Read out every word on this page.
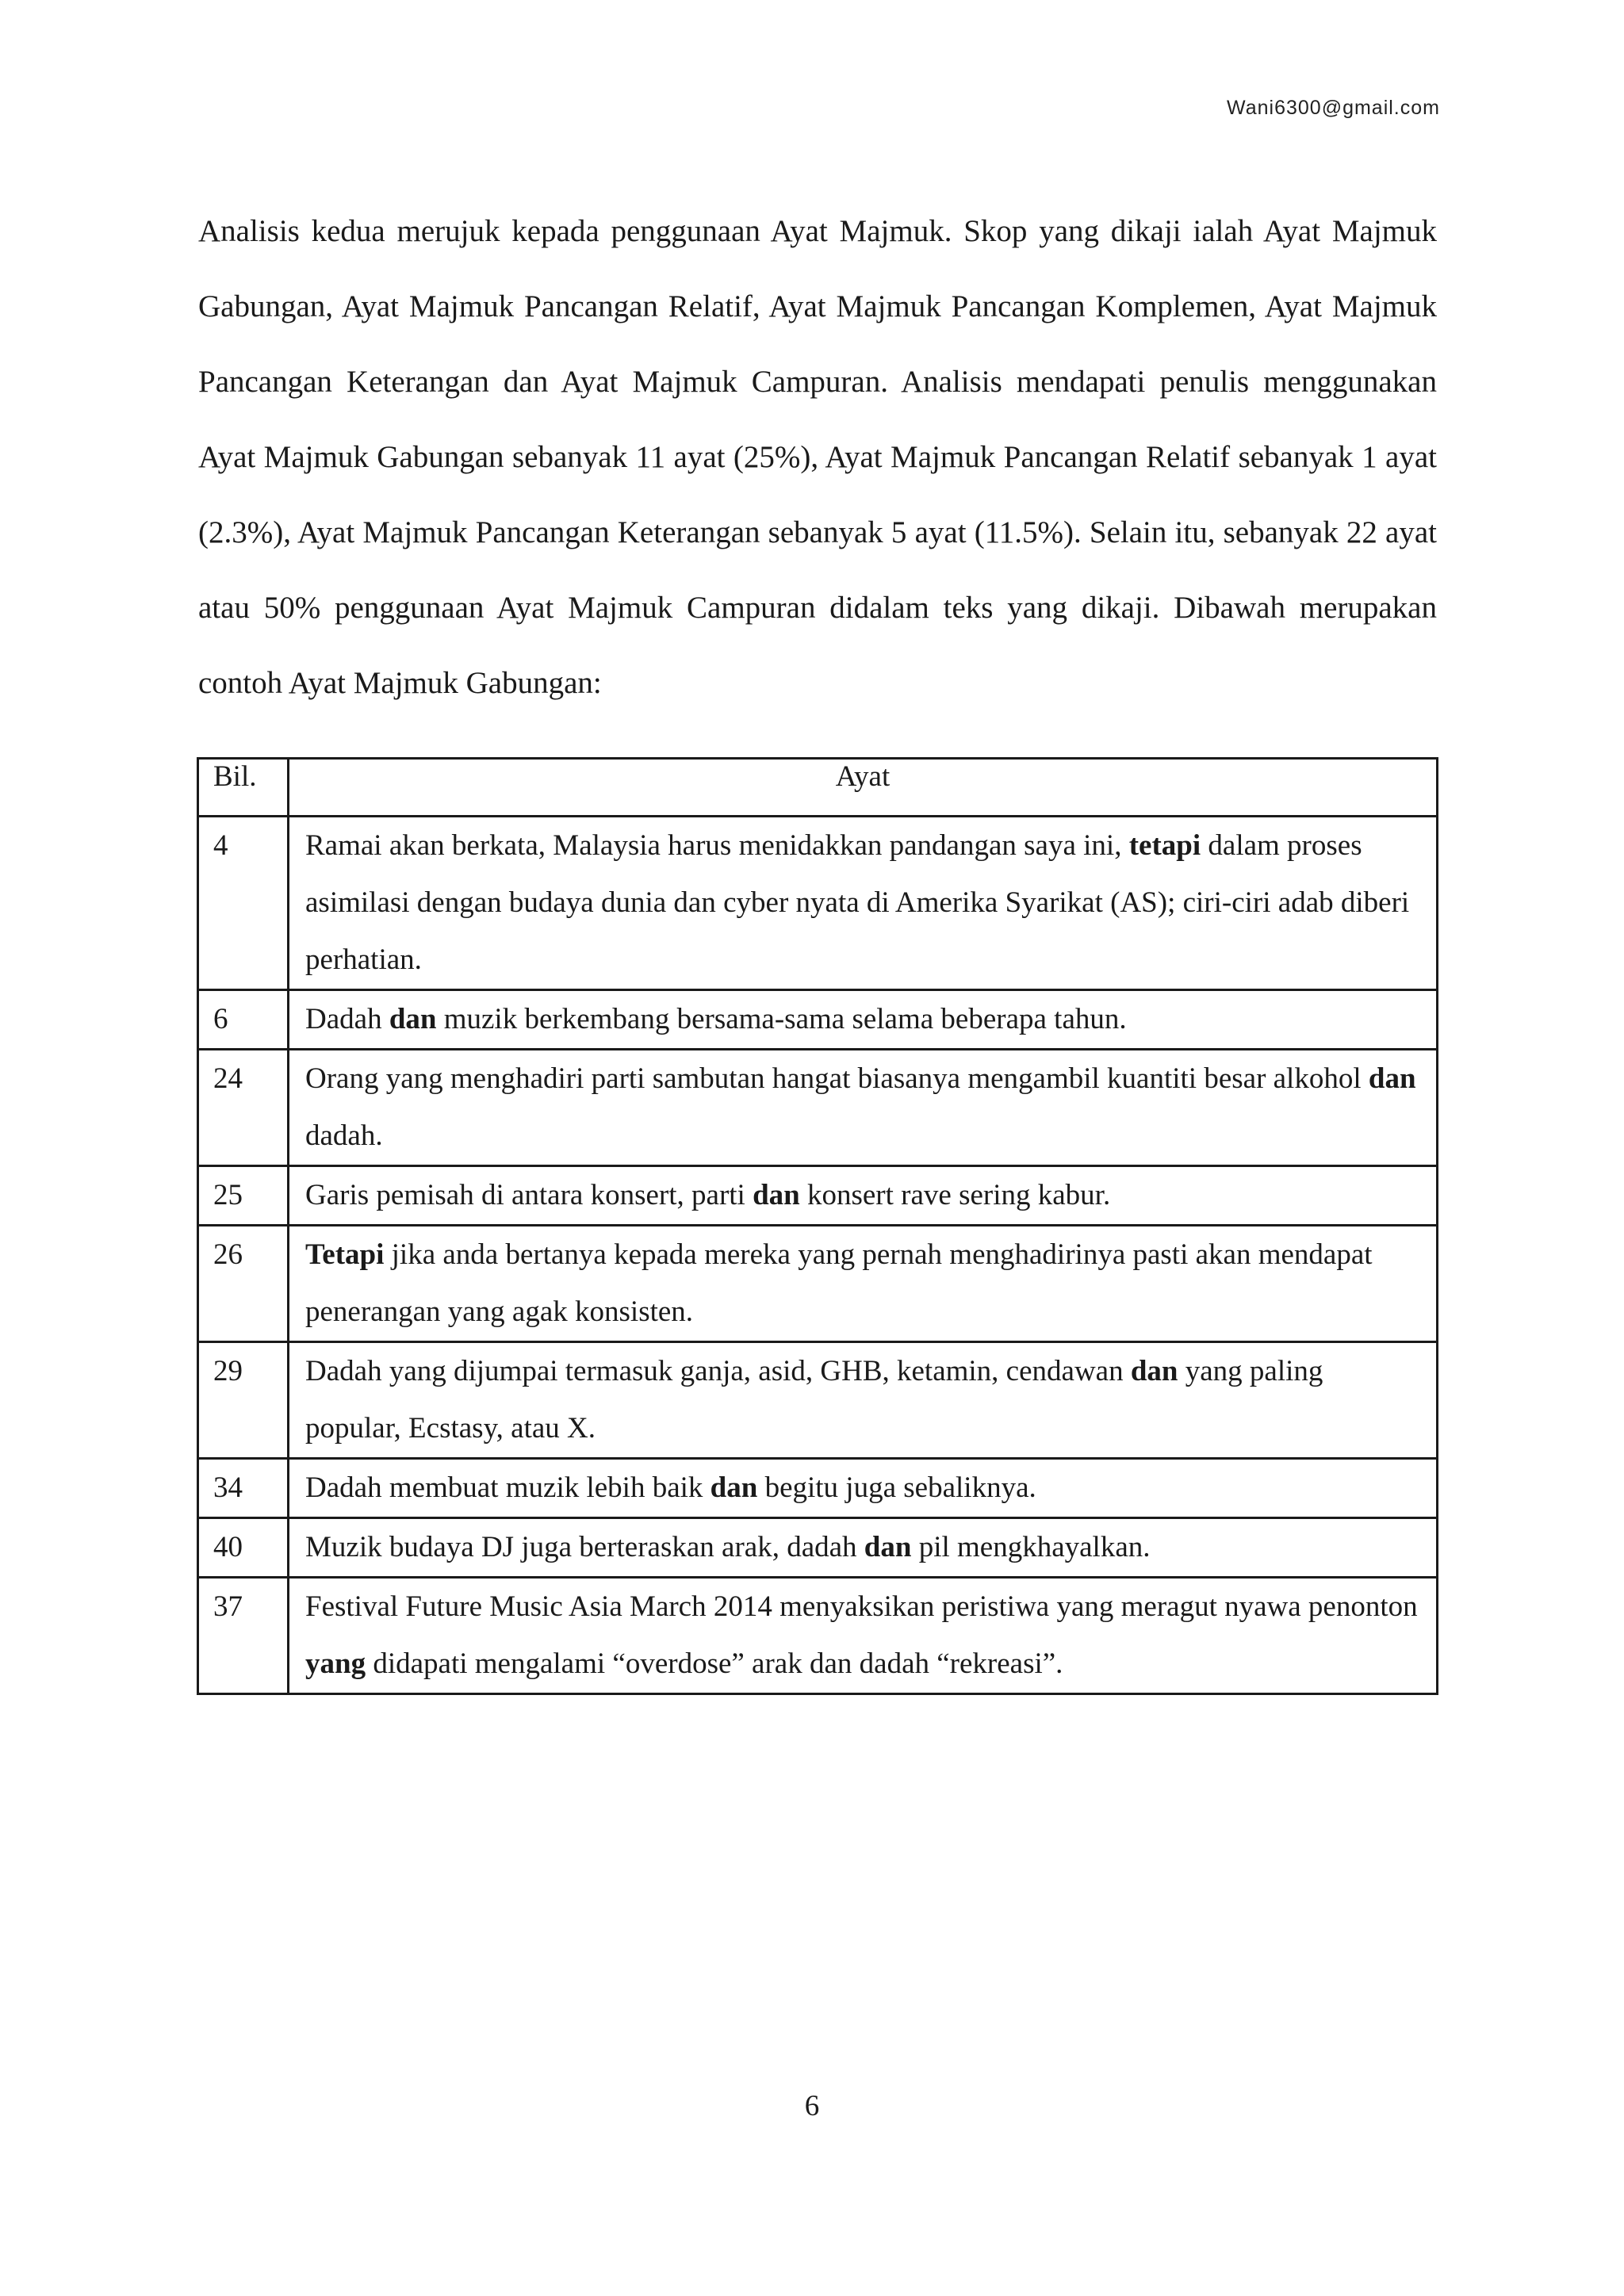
Wani6300@gmail.com

Analisis kedua merujuk kepada penggunaan Ayat Majmuk. Skop yang dikaji ialah Ayat Majmuk Gabungan, Ayat Majmuk Pancangan Relatif, Ayat Majmuk Pancangan Komplemen, Ayat Majmuk Pancangan Keterangan dan Ayat Majmuk Campuran. Analisis mendapati penulis menggunakan Ayat Majmuk Gabungan sebanyak 11 ayat (25%), Ayat Majmuk Pancangan Relatif sebanyak 1 ayat (2.3%), Ayat Majmuk Pancangan Keterangan sebanyak 5 ayat (11.5%). Selain itu, sebanyak 22 ayat atau 50% penggunaan Ayat Majmuk Campuran didalam teks yang dikaji. Dibawah merupakan contoh Ayat Majmuk Gabungan:

Bil.	Ayat
4	Ramai akan berkata, Malaysia harus menidakkan pandangan saya ini, tetapi dalam proses asimilasi dengan budaya dunia dan cyber nyata di Amerika Syarikat (AS); ciri-ciri adab diberi perhatian.
6	Dadah dan muzik berkembang bersama-sama selama beberapa tahun.
24	Orang yang menghadiri parti sambutan hangat biasanya mengambil kuantiti besar alkohol dan dadah.
25	Garis pemisah di antara konsert, parti dan konsert rave sering kabur.
26	Tetapi jika anda bertanya kepada mereka yang pernah menghadirinya pasti akan mendapat penerangan yang agak konsisten.
29	Dadah yang dijumpai termasuk ganja, asid, GHB, ketamin, cendawan dan yang paling popular, Ecstasy, atau X.
34	Dadah membuat muzik lebih baik dan begitu juga sebaliknya.
40	Muzik budaya DJ juga berteraskan arak, dadah dan pil mengkhayalkan.
37	Festival Future Music Asia March 2014 menyaksikan peristiwa yang meragut nyawa penonton yang didapati mengalami “overdose” arak dan dadah “rekreasi”.
6
